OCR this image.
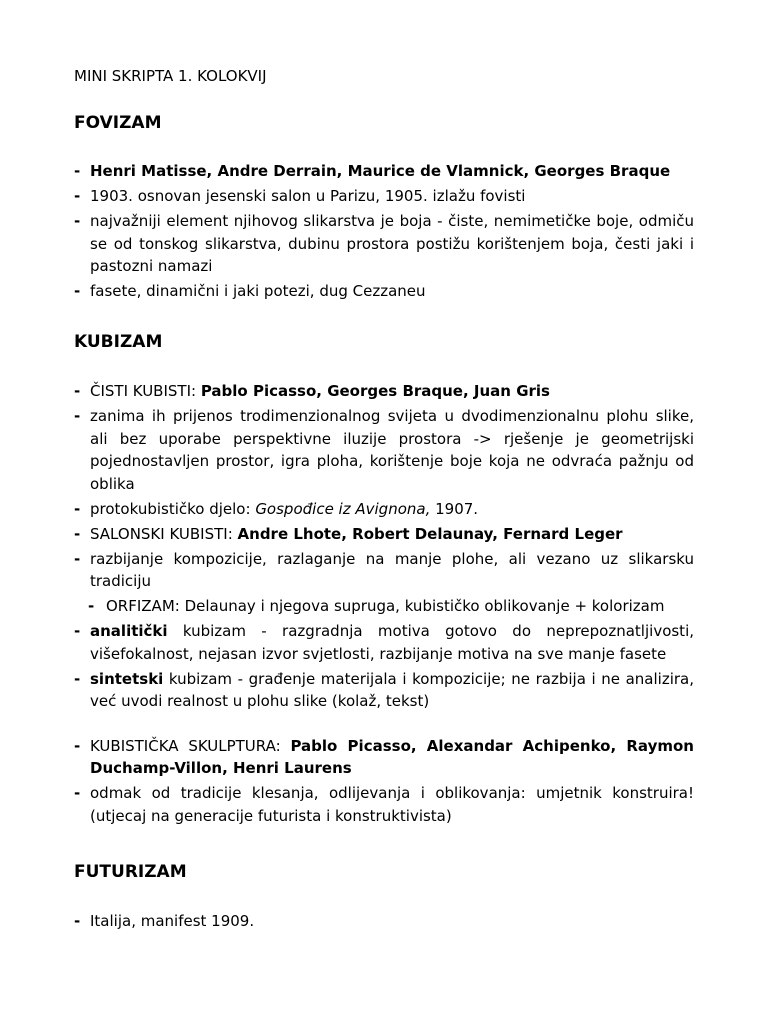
MINI SKRIPTA 1. KOLOKVIJ

FOVIZAM
- Henri Matisse, Andre Derrain, Maurice de Vlamnick, Georges Braque
- 1903. osnovan jesenski salon u Parizu, 1905. izlažu fovisti
- najvažniji element njihovog slikarstva je boja - čiste, nemimetičke boje, odmiču se od tonskog slikarstva, dubinu prostora postižu korištenjem boja, česti jaki i pastozni namazi
- fasete, dinamični i jaki potezi, dug Cezzaneu
KUBIZAM
- ČISTI KUBISTI: Pablo Picasso, Georges Braque, Juan Gris
- zanima ih prijenos trodimenzionalnog svijeta u dvodimenzionalnu plohu slike, ali bez uporabe perspektivne iluzije prostora -> rješenje je geometrijski pojednostavljen prostor, igra ploha, korištenje boje koja ne odvraća pažnju od oblika
- protokubističko djelo: Gospođice iz Avignona, 1907.
- SALONSKI KUBISTI: Andre Lhote, Robert Delaunay, Fernard Leger
- razbijanje kompozicije, razlaganje na manje plohe, ali vezano uz slikarsku tradiciju
- ORFIZAM: Delaunay i njegova supruga, kubističko oblikovanje + kolorizam
- analitički kubizam - razgradnja motiva gotovo do neprepoznatljivosti, višefokalnost, nejasan izvor svjetlosti, razbijanje motiva na sve manje fasete
- sintetski kubizam - građenje materijala i kompozicije; ne razbija i ne analizira, već uvodi realnost u plohu slike (kolaž, tekst)
- KUBISTIČKA SKULPTURA: Pablo Picasso, Alexandar Achipenko, Raymon Duchamp-Villon, Henri Laurens
- odmak od tradicije klesanja, odlijevanja i oblikovanja: umjetnik konstruira! (utjecaj na generacije futurista i konstruktivista)
FUTURIZAM
- Italija, manifest 1909.
